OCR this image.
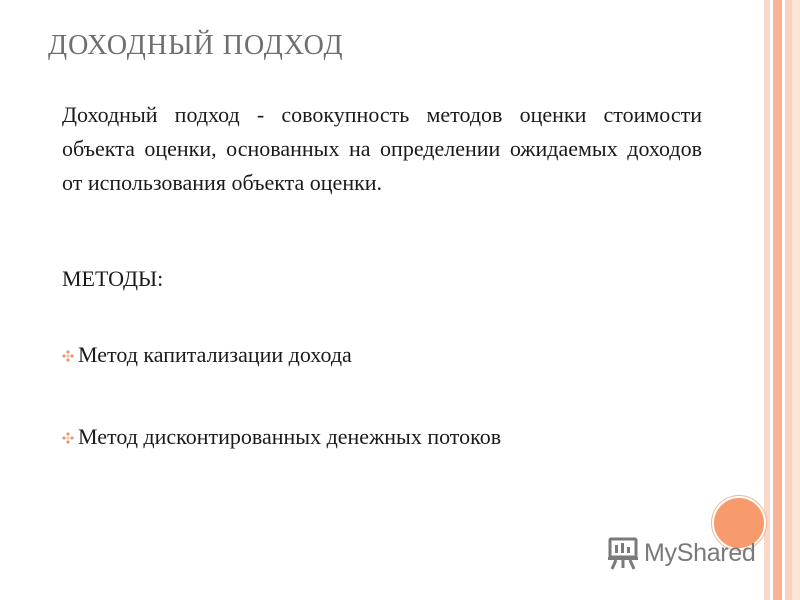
ДОХОДНЫЙ ПОДХОД

Доходный подход - совокупность методов оценки стоимости объекта оценки, основанных на определении ожидаемых доходов от использования объекта оценки.

МЕТОДЫ:

Метод капитализации дохода
Метод дисконтированных денежных потоков
MyShared
